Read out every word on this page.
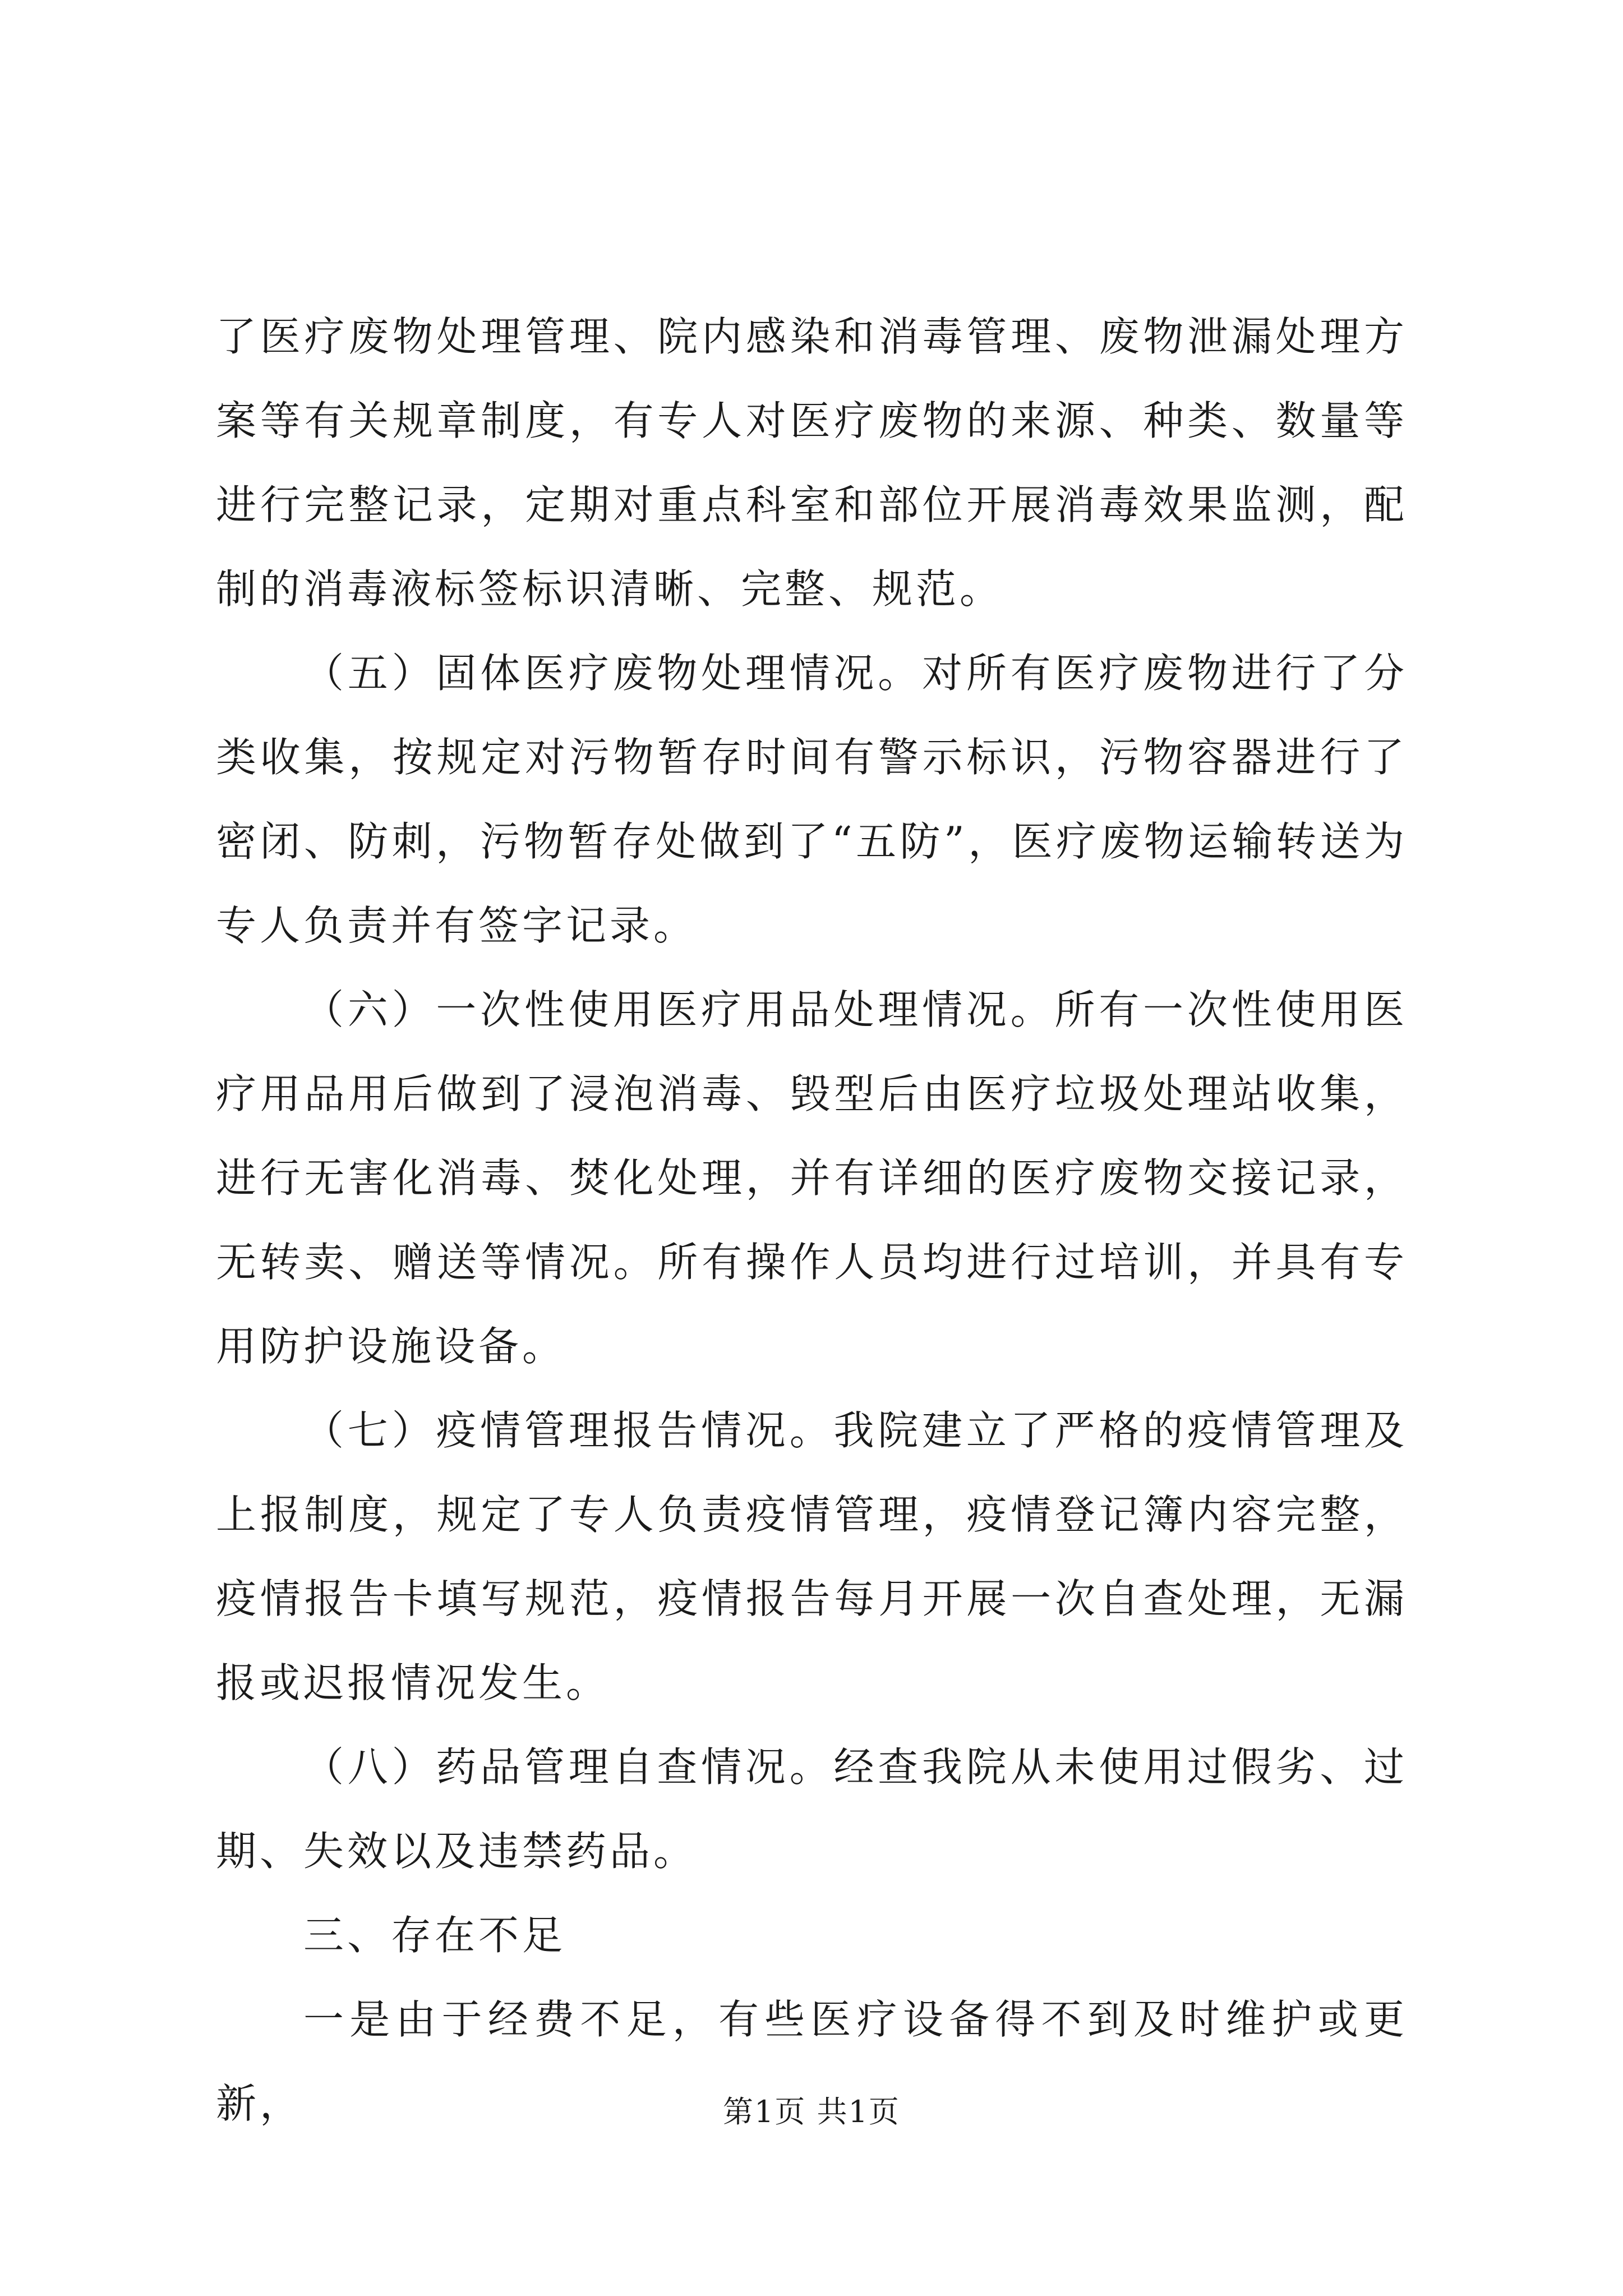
了医疗废物处理管理、院内感染和消毒管理、废物泄漏处理方案等有关规章制度，有专人对医疗废物的来源、种类、数量等进行完整记录，定期对重点科室和部位开展消毒效果监测，配制的消毒液标签标识清晰、完整、规范。

（五）固体医疗废物处理情况。对所有医疗废物进行了分类收集，按规定对污物暂存时间有警示标识，污物容器进行了密闭、防刺，污物暂存处做到了“五防”，医疗废物运输转送为专人负责并有签字记录。

（六）一次性使用医疗用品处理情况。所有一次性使用医疗用品用后做到了浸泡消毒、毁型后由医疗垃圾处理站收集，进行无害化消毒、焚化处理，并有详细的医疗废物交接记录，无转卖、赠送等情况。所有操作人员均进行过培训，并具有专用防护设施设备。

（七）疫情管理报告情况。我院建立了严格的疫情管理及上报制度，规定了专人负责疫情管理，疫情登记簿内容完整，疫情报告卡填写规范，疫情报告每月开展一次自查处理，无漏报或迟报情况发生。

（八）药品管理自查情况。经查我院从未使用过假劣、过期、失效以及违禁药品。

三、存在不足

一是由于经费不足，有些医疗设备得不到及时维护或更新，	第1页 共1页
